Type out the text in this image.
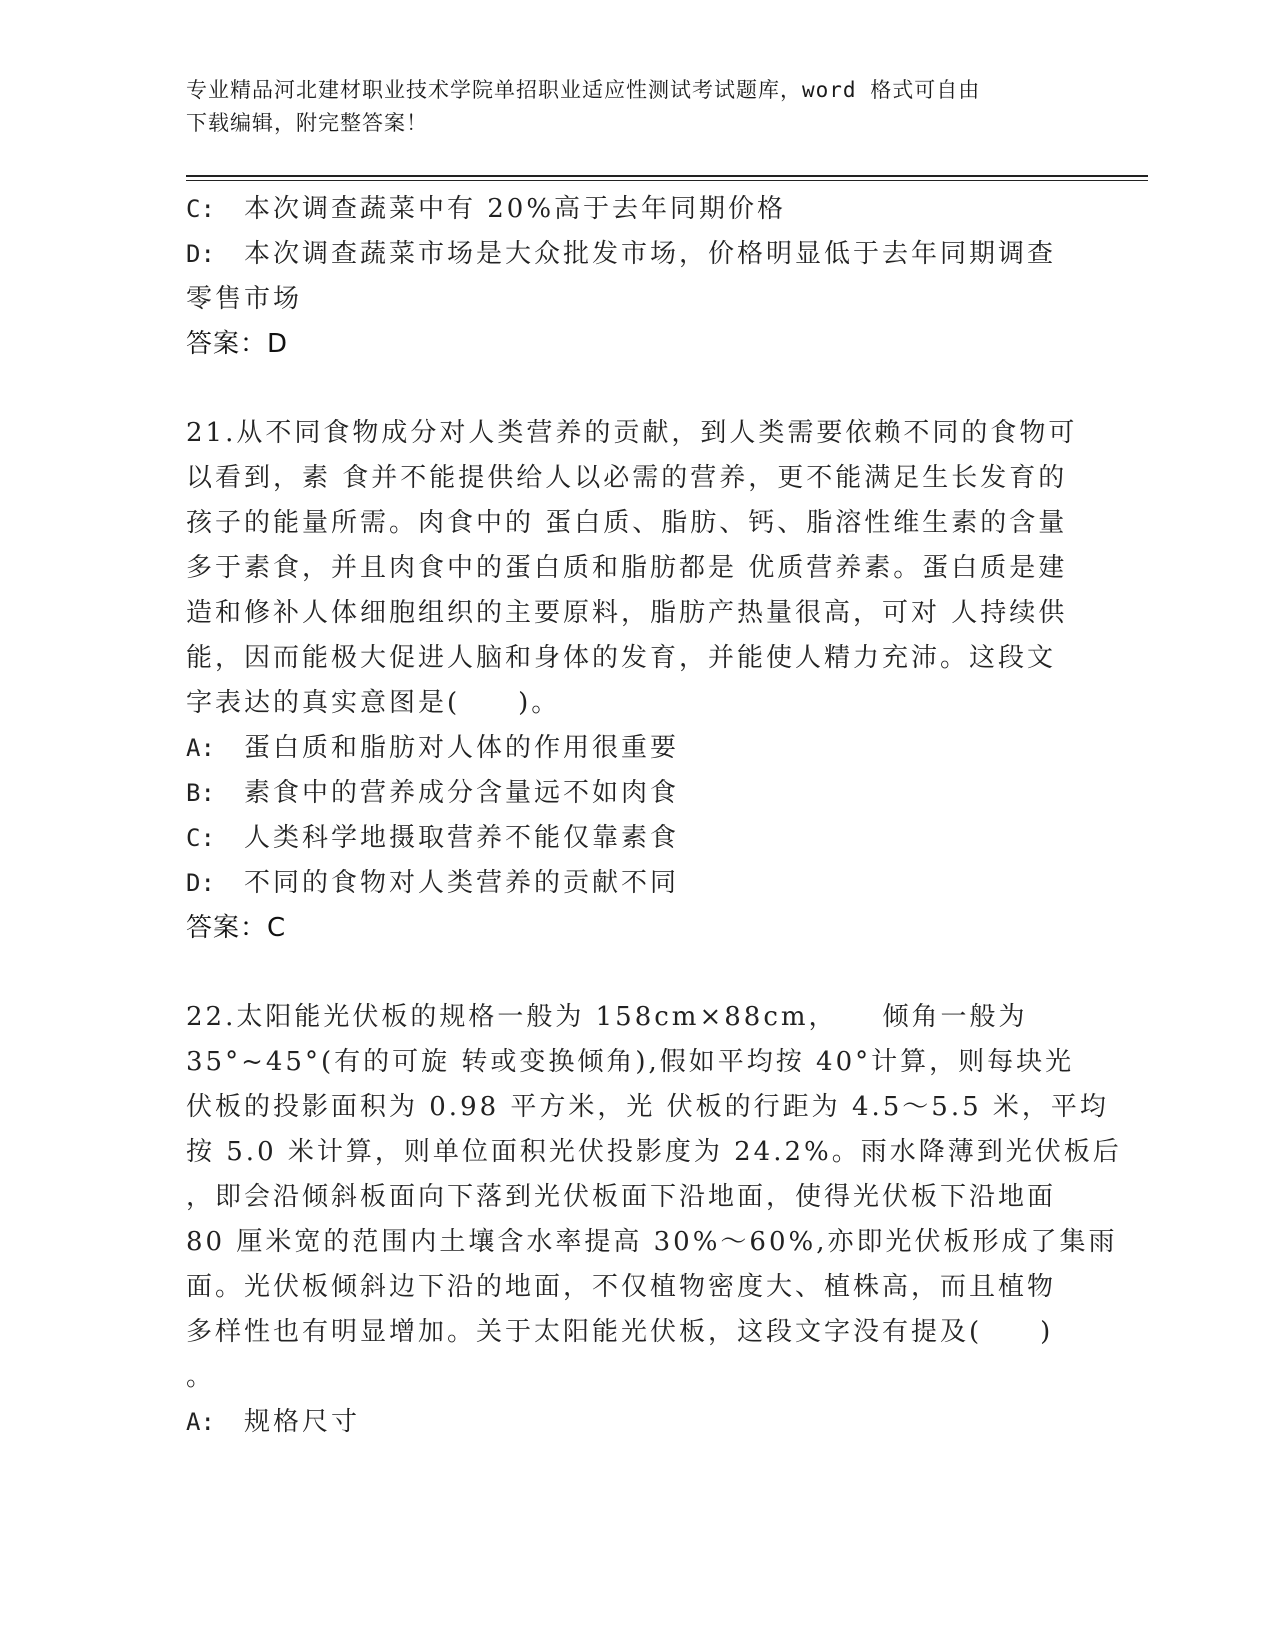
专业精品河北建材职业技术学院单招职业适应性测试考试题库，word 格式可自由
下载编辑，附完整答案！
C: 本次调查蔬菜中有 20%高于去年同期价格
D: 本次调查蔬菜市场是大众批发市场，价格明显低于去年同期调查
零售市场
答案：D
21.从不同食物成分对人类营养的贡献，到人类需要依赖不同的食物可
以看到，素 食并不能提供给人以必需的营养，更不能满足生长发育的
孩子的能量所需。肉食中的 蛋白质、脂肪、钙、脂溶性维生素的含量
多于素食，并且肉食中的蛋白质和脂肪都是 优质营养素。蛋白质是建
造和修补人体细胞组织的主要原料，脂肪产热量很高，可对 人持续供
能，因而能极大促进人脑和身体的发育，并能使人精力充沛。这段文
字表达的真实意图是(　　)。
A: 蛋白质和脂肪对人体的作用很重要
B: 素食中的营养成分含量远不如肉食
C: 人类科学地摄取营养不能仅靠素食
D: 不同的食物对人类营养的贡献不同
答案：C
22.太阳能光伏板的规格一般为 158cm×88cm，　　倾角一般为
35°~45°(有的可旋 转或变换倾角),假如平均按 40°计算，则每块光
伏板的投影面积为 0.98 平方米，光 伏板的行距为 4.5～5.5 米，平均
按 5.0 米计算，则单位面积光伏投影度为 24.2%。雨水降薄到光伏板后
，即会沿倾斜板面向下落到光伏板面下沿地面，使得光伏板下沿地面
80 厘米宽的范围内土壤含水率提高 30%～60%,亦即光伏板形成了集雨
面。光伏板倾斜边下沿的地面，不仅植物密度大、植株高，而且植物
多样性也有明显增加。关于太阳能光伏板，这段文字没有提及(　　)
。
A: 规格尺寸
